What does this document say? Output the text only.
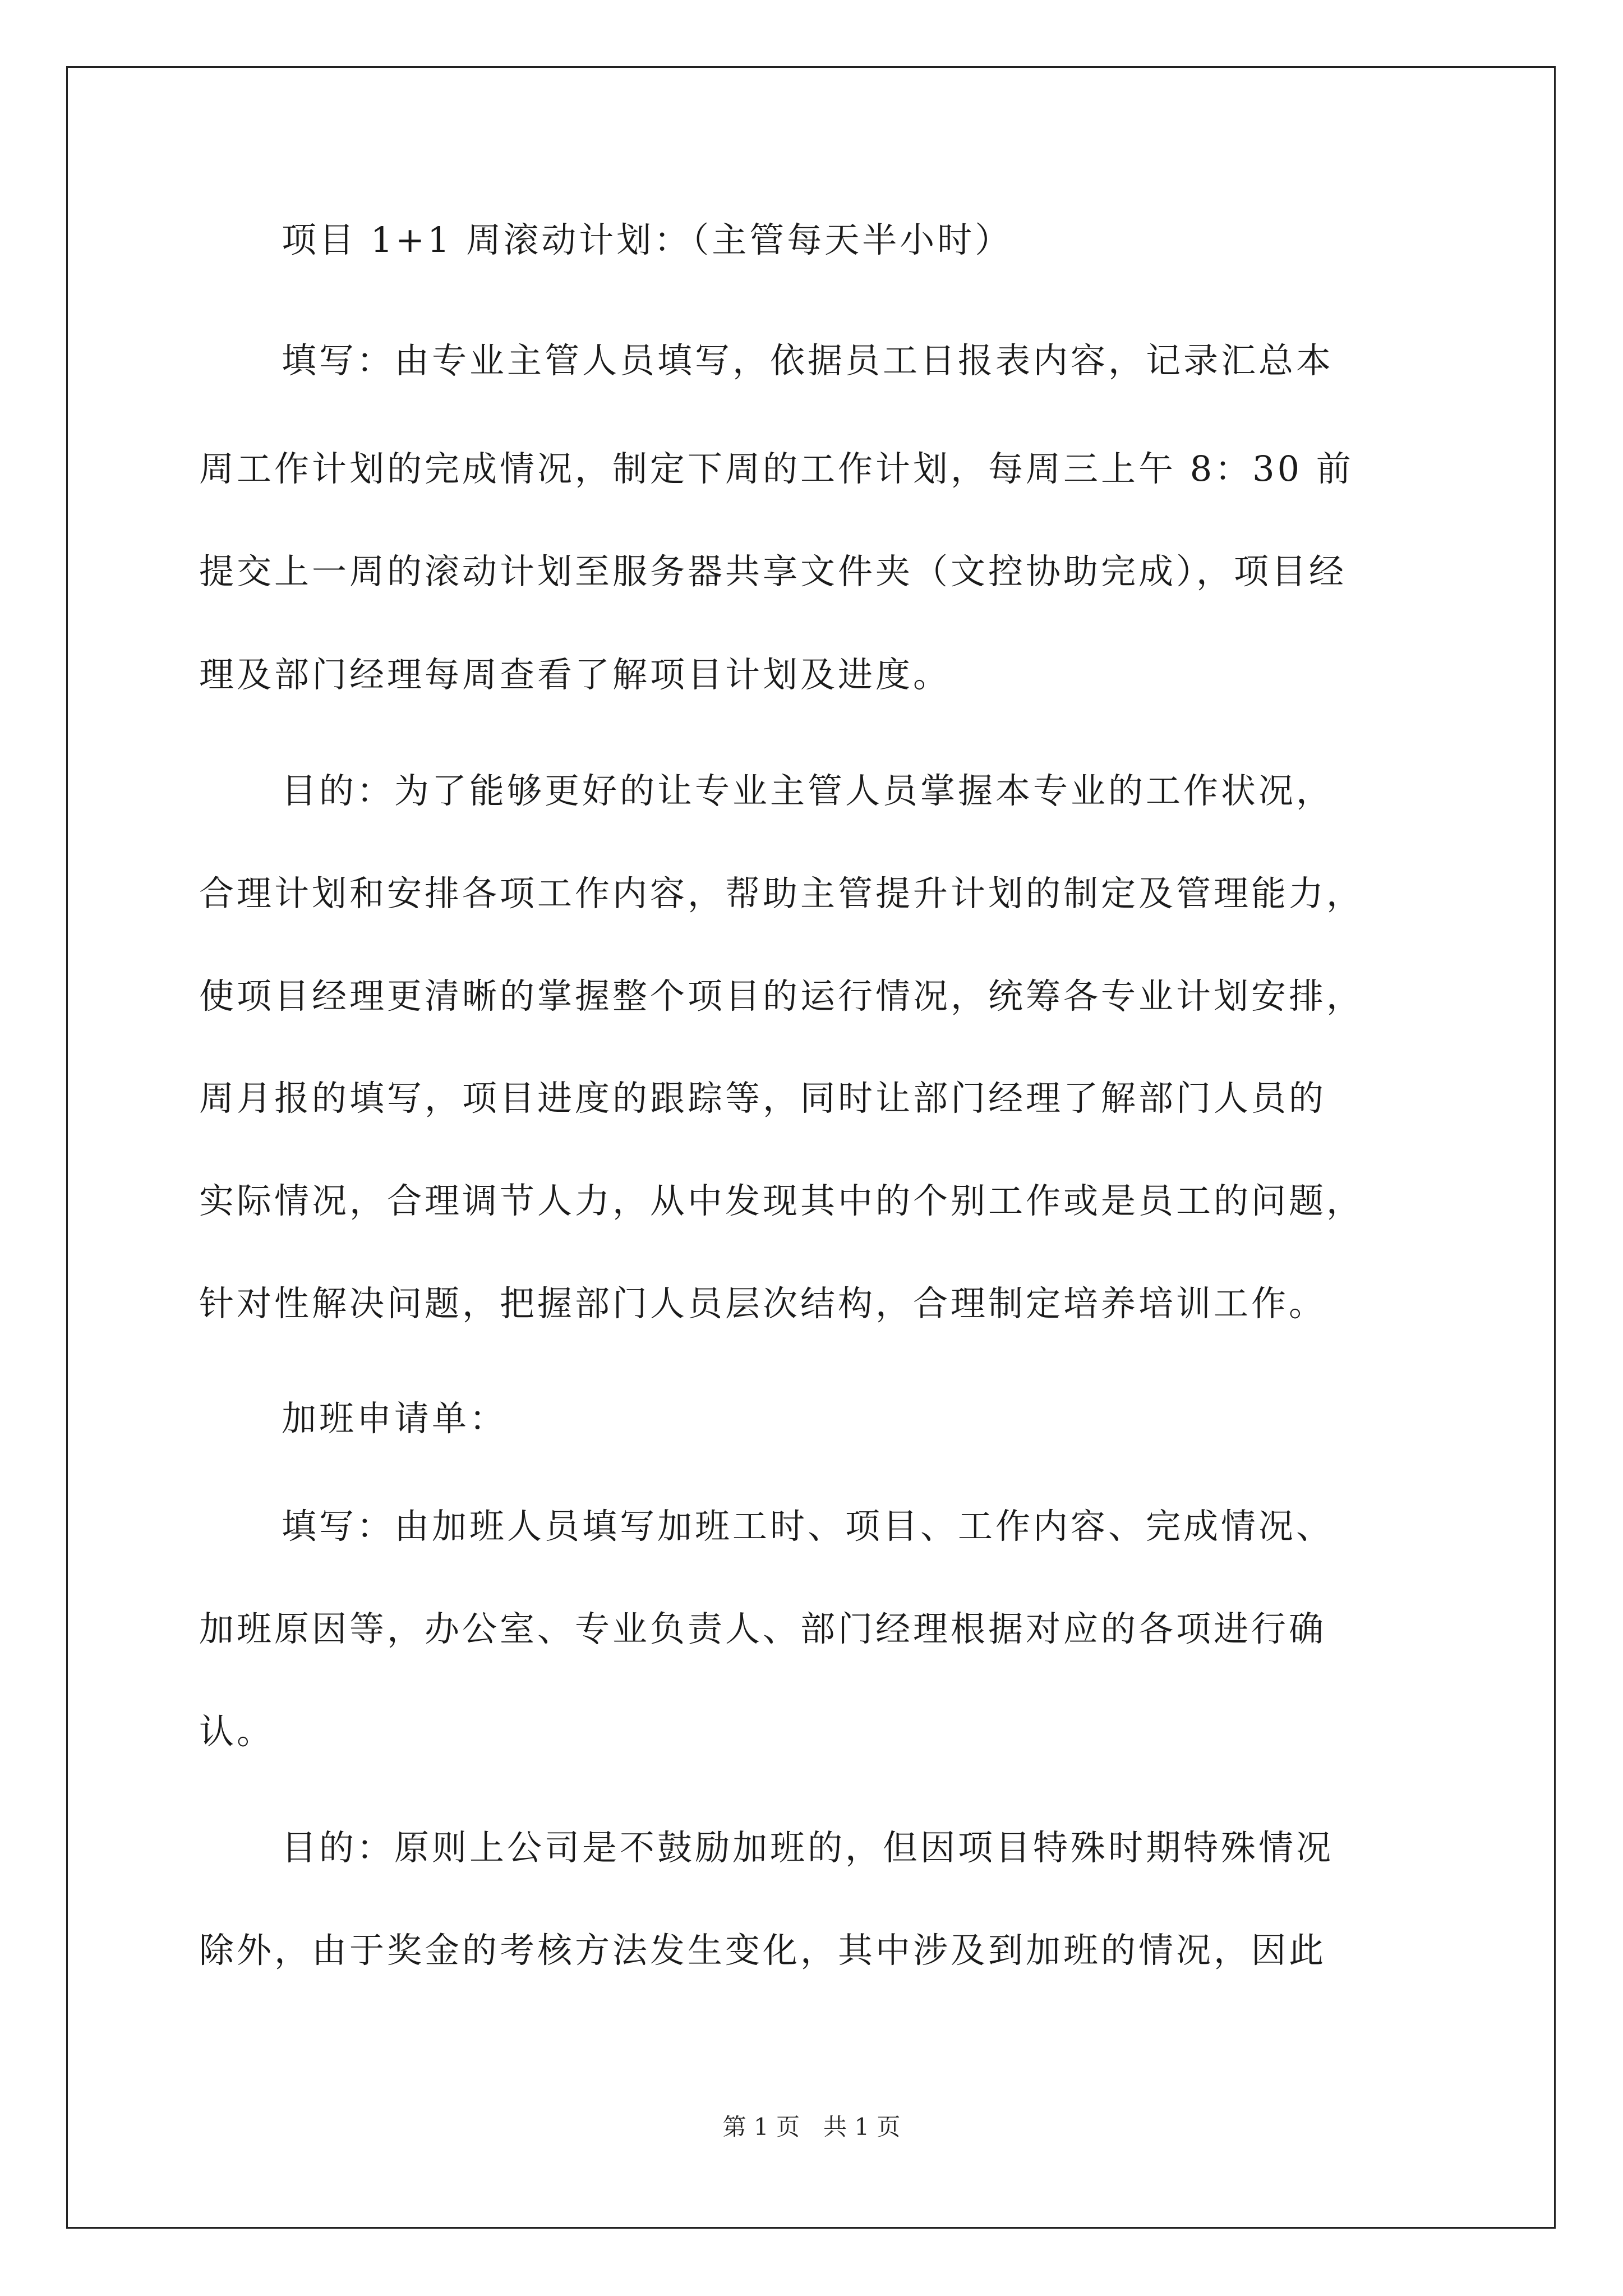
项目 1+1 周滚动计划：（主管每天半小时）
填写：由专业主管人员填写，依据员工日报表内容，记录汇总本
周工作计划的完成情况，制定下周的工作计划，每周三上午 8：30 前
提交上一周的滚动计划至服务器共享文件夹（文控协助完成），项目经
理及部门经理每周查看了解项目计划及进度。
目的：为了能够更好的让专业主管人员掌握本专业的工作状况，
合理计划和安排各项工作内容，帮助主管提升计划的制定及管理能力，
使项目经理更清晰的掌握整个项目的运行情况，统筹各专业计划安排，
周月报的填写，项目进度的跟踪等，同时让部门经理了解部门人员的
实际情况，合理调节人力，从中发现其中的个别工作或是员工的问题，
针对性解决问题，把握部门人员层次结构，合理制定培养培训工作。
加班申请单：
填写：由加班人员填写加班工时、项目、工作内容、完成情况、
加班原因等，办公室、专业负责人、部门经理根据对应的各项进行确
认。
目的：原则上公司是不鼓励加班的，但因项目特殊时期特殊情况
除外，由于奖金的考核方法发生变化，其中涉及到加班的情况，因此
第 1 页　共 1 页
